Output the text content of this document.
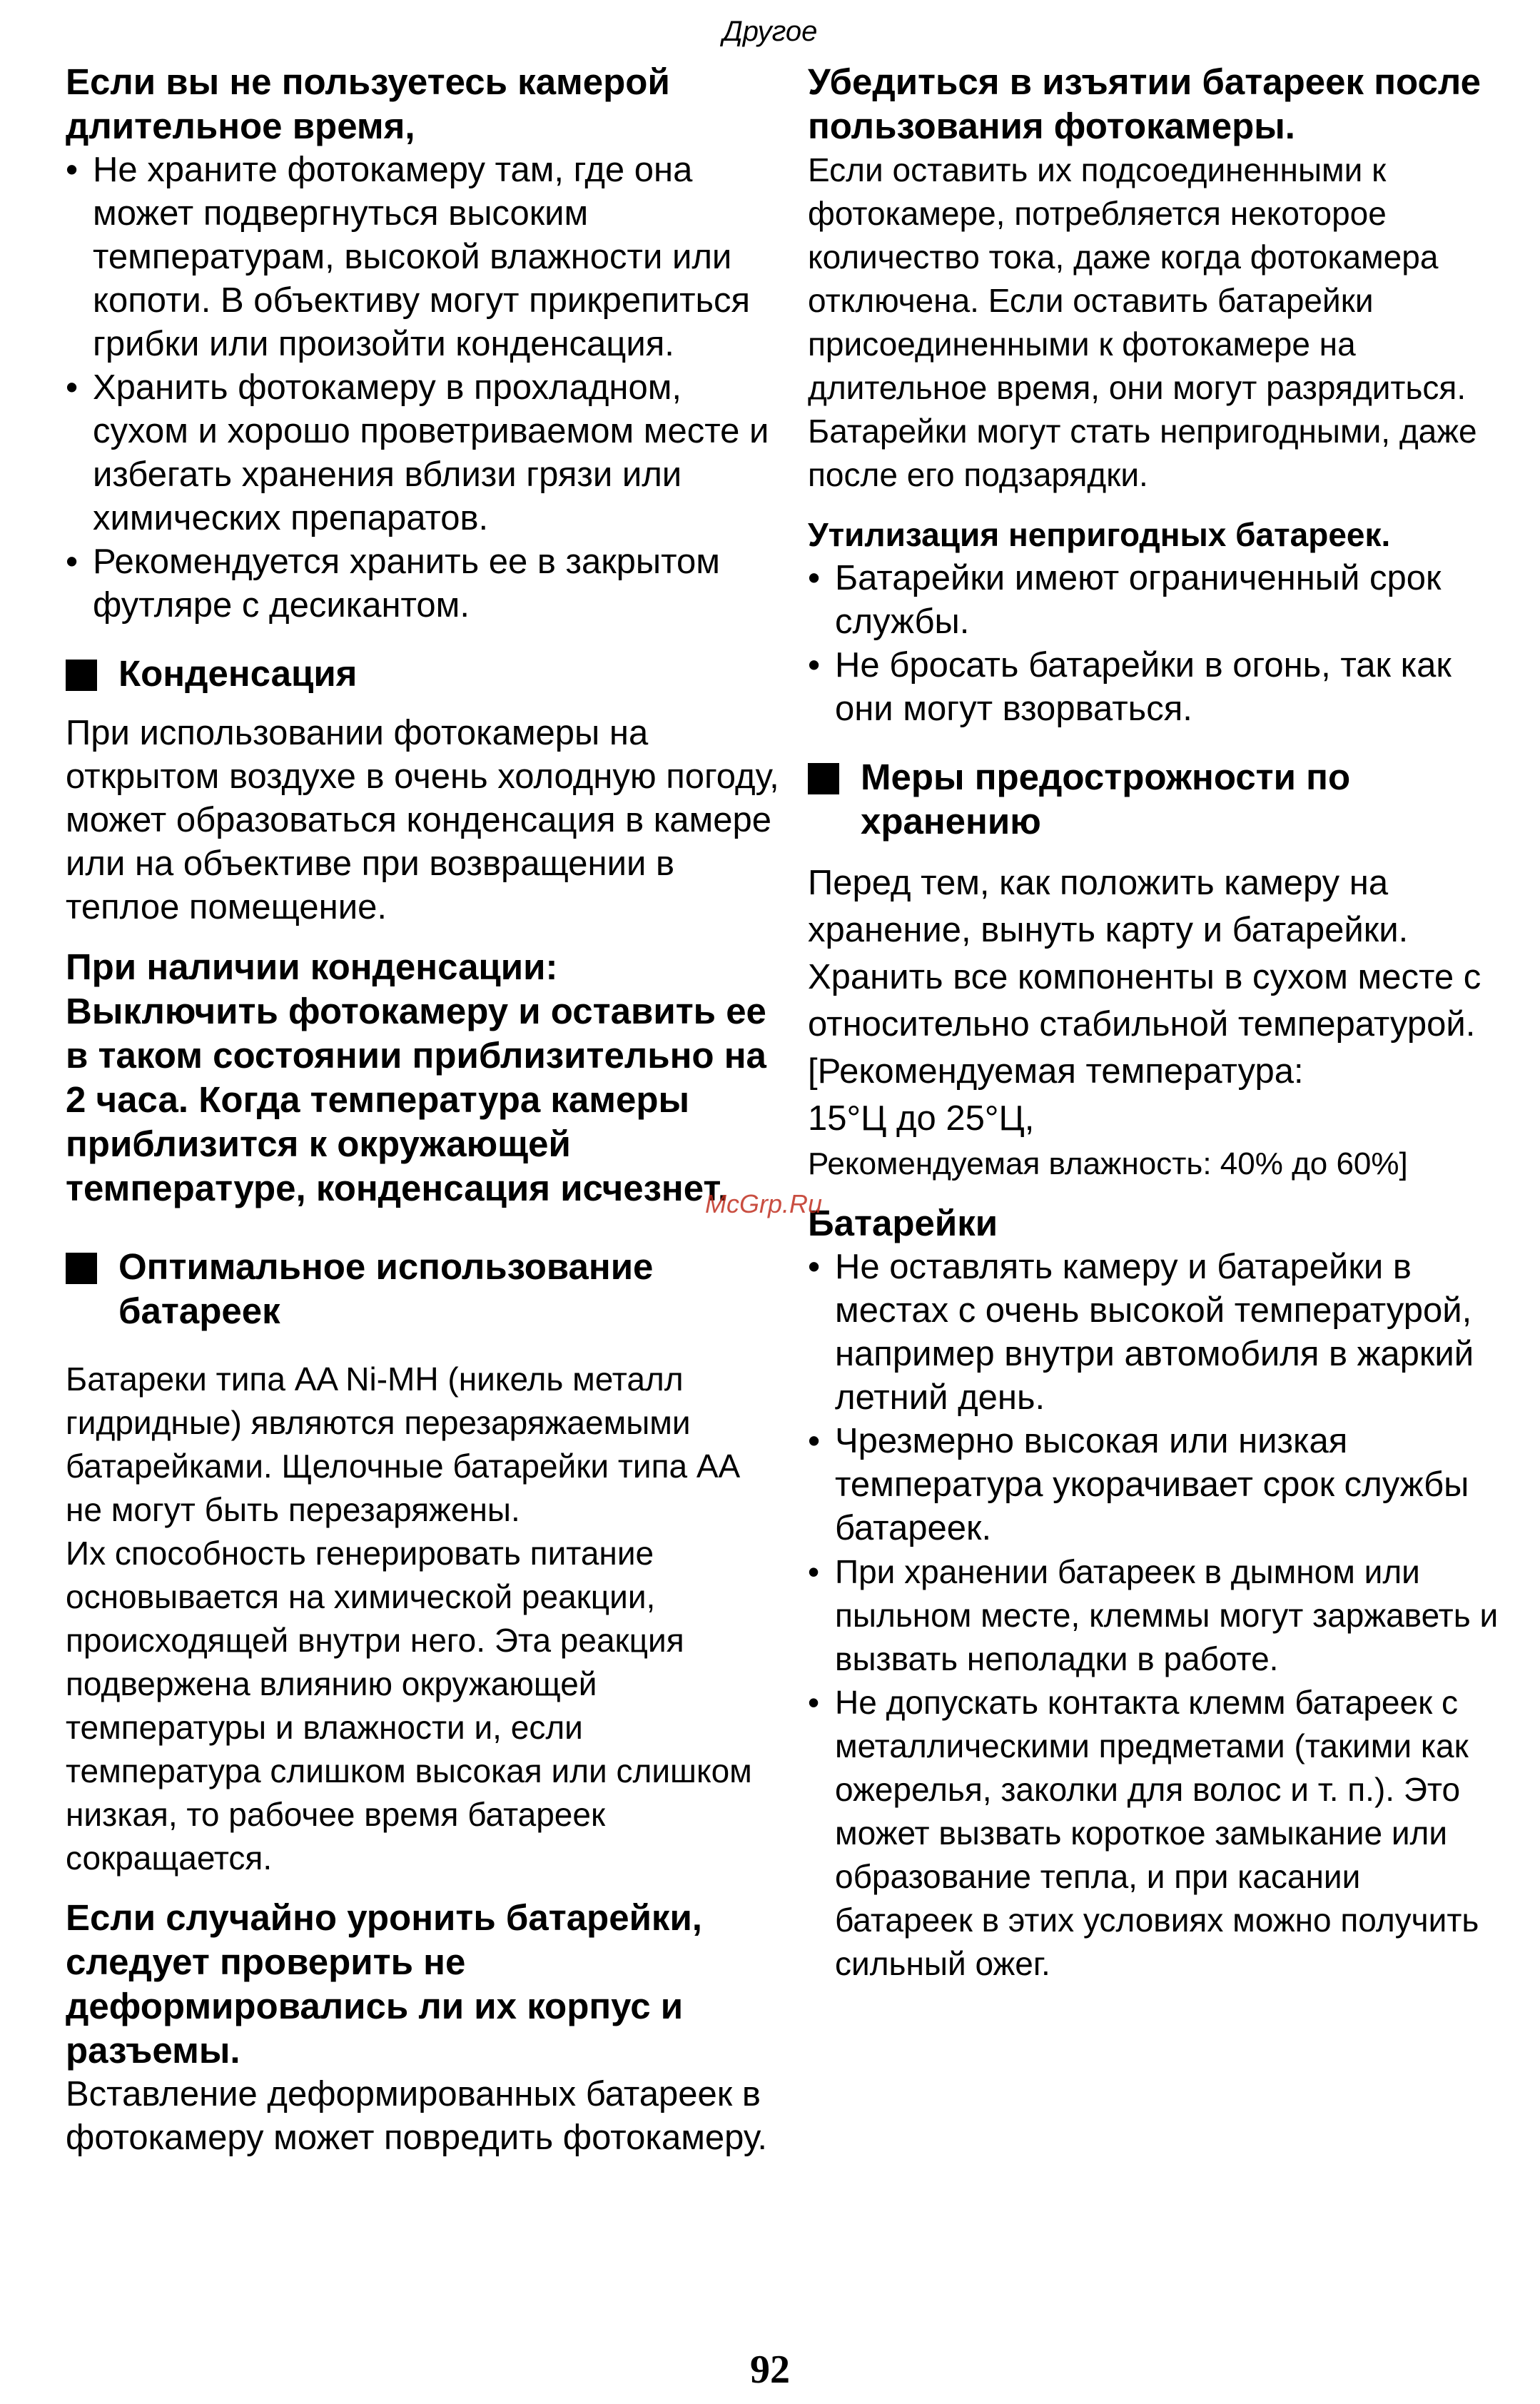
Другое

Если вы не пользуетесь камерой длительное время,

• Не храните фотокамеру там, где она может подвергнуться высоким температурам, высокой влажности или копоти. В объективу могут прикрепиться грибки или произойти конденсация.
• Хранить фотокамеру в прохладном, сухом и хорошо проветриваемом месте и избегать хранения вблизи грязи или химических препаратов.
• Рекомендуется хранить ее в закрытом футляре с десикантом.

Конденсация

При использовании фотокамеры на открытом воздухе в очень холодную погоду, может образоваться конденсация в камере или на объективе при возвращении в теплое помещение.

При наличии конденсации: Выключить фотокамеру и оставить ее в таком состоянии приблизительно на 2 часа. Когда температура камеры приблизится к окружающей температуре, конденсация исчезнет.

Оптимальное использование батареек

Батареки типа AA Ni-MH (никель металл гидридные) являются перезаряжаемыми батарейками. Щелочные батарейки типа AA не могут быть перезаряжены.

Их способность генерировать питание основывается на химической реакции, происходящей внутри него. Эта реакция подвержена влиянию окружающей температуры и влажности и, если температура слишком высокая или слишком низкая, то рабочее время батареек сокращается.

Если случайно уронить батарейки, следует проверить не деформировались ли их корпус и разъемы.

Вставление деформированных батареек в фотокамеру может повредить фотокамеру.

Убедиться в изъятии батареек после пользования фотокамеры.

Если оставить их подсоединенными к фотокамере, потребляется некоторое количество тока, даже когда фотокамера отключена. Если оставить батарейки присоединенными к фотокамере на длительное время, они могут разрядиться. Батарейки могут стать непригодными, даже после его подзарядки.

Утилизация непригодных батареек.

• Батарейки имеют ограниченный срок службы.
• Не бросать батарейки в огонь, так как они могут взорваться.

Меры предострожности по хранению

Перед тем, как положить камеру на хранение, вынуть карту и батарейки. Хранить все компоненты в сухом месте с относительно стабильной температурой.

[Рекомендуемая температура:

15°Ц до 25°Ц,

Рекомендуемая влажность: 40% до 60%]

Батарейки

• Не оставлять камеру и батарейки в местах с очень высокой температурой, например внутри автомобиля в жаркий летний день.
• Чрезмерно высокая или низкая температура укорачивает срок службы батареек.
• При хранении батареек в дымном или пыльном месте, клеммы могут заржаветь и вызвать неполадки в работе.
• Не допускать контакта клемм батареек с металлическими предметами (такими как ожерелья, заколки для волос и т. п.). Это может вызвать короткое замыкание или образование тепла, и при касании батареек в этих условиях можно получить сильный ожег.
McGrp.Ru
92
